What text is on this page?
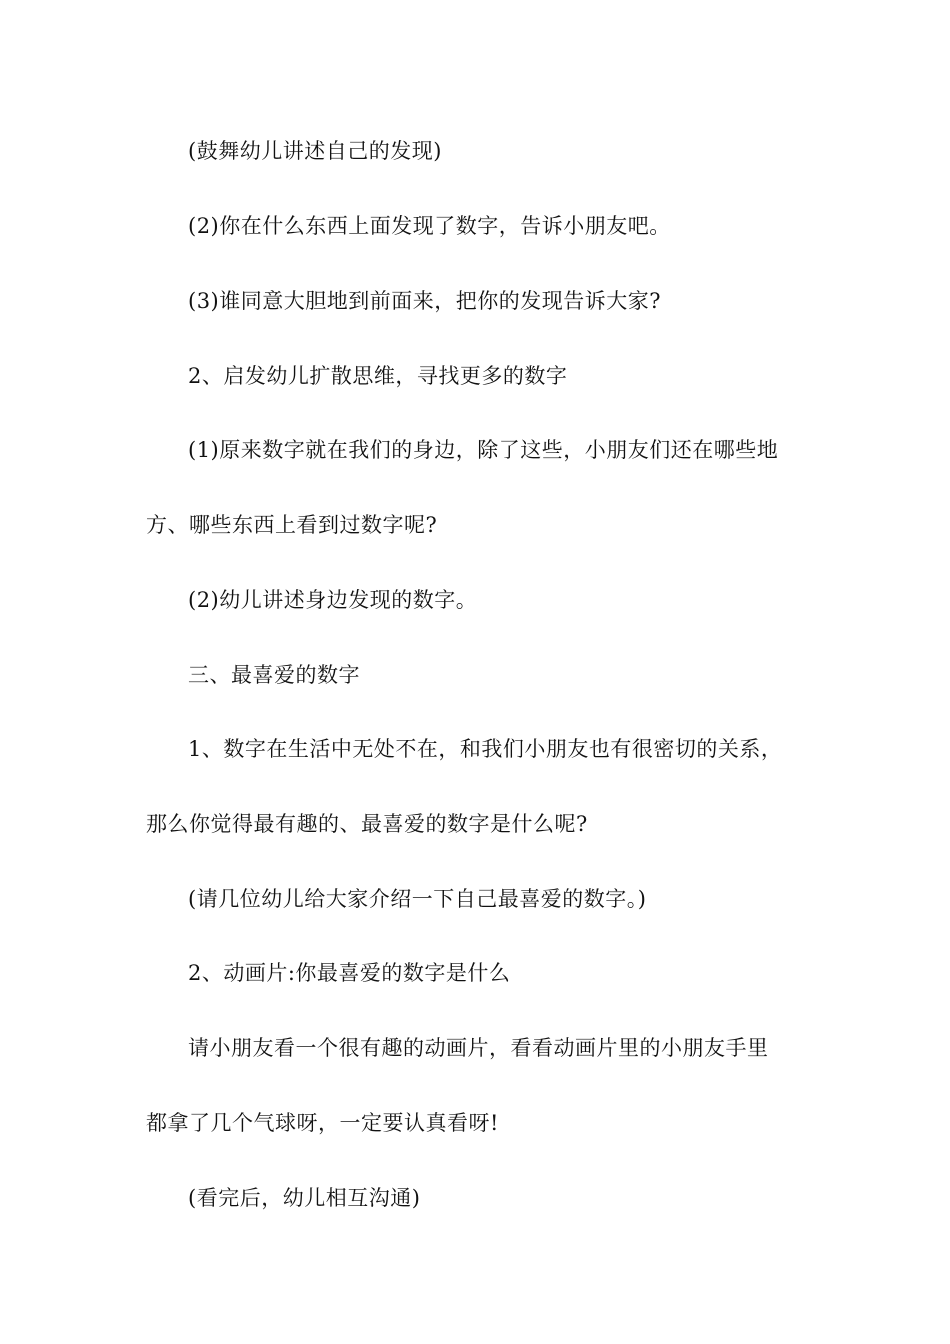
(鼓舞幼儿讲述自己的发现)
(2)你在什么东西上面发现了数字，告诉小朋友吧。
(3)谁同意大胆地到前面来，把你的发现告诉大家?
2、启发幼儿扩散思维，寻找更多的数字
(1)原来数字就在我们的身边，除了这些，小朋友们还在哪些地
方、哪些东西上看到过数字呢?
(2)幼儿讲述身边发现的数字。
三、最喜爱的数字
1、数字在生活中无处不在，和我们小朋友也有很密切的关系，
那么你觉得最有趣的、最喜爱的数字是什么呢?
(请几位幼儿给大家介绍一下自己最喜爱的数字。)
2、动画片:你最喜爱的数字是什么
请小朋友看一个很有趣的动画片，看看动画片里的小朋友手里
都拿了几个气球呀，一定要认真看呀!
(看完后，幼儿相互沟通)
